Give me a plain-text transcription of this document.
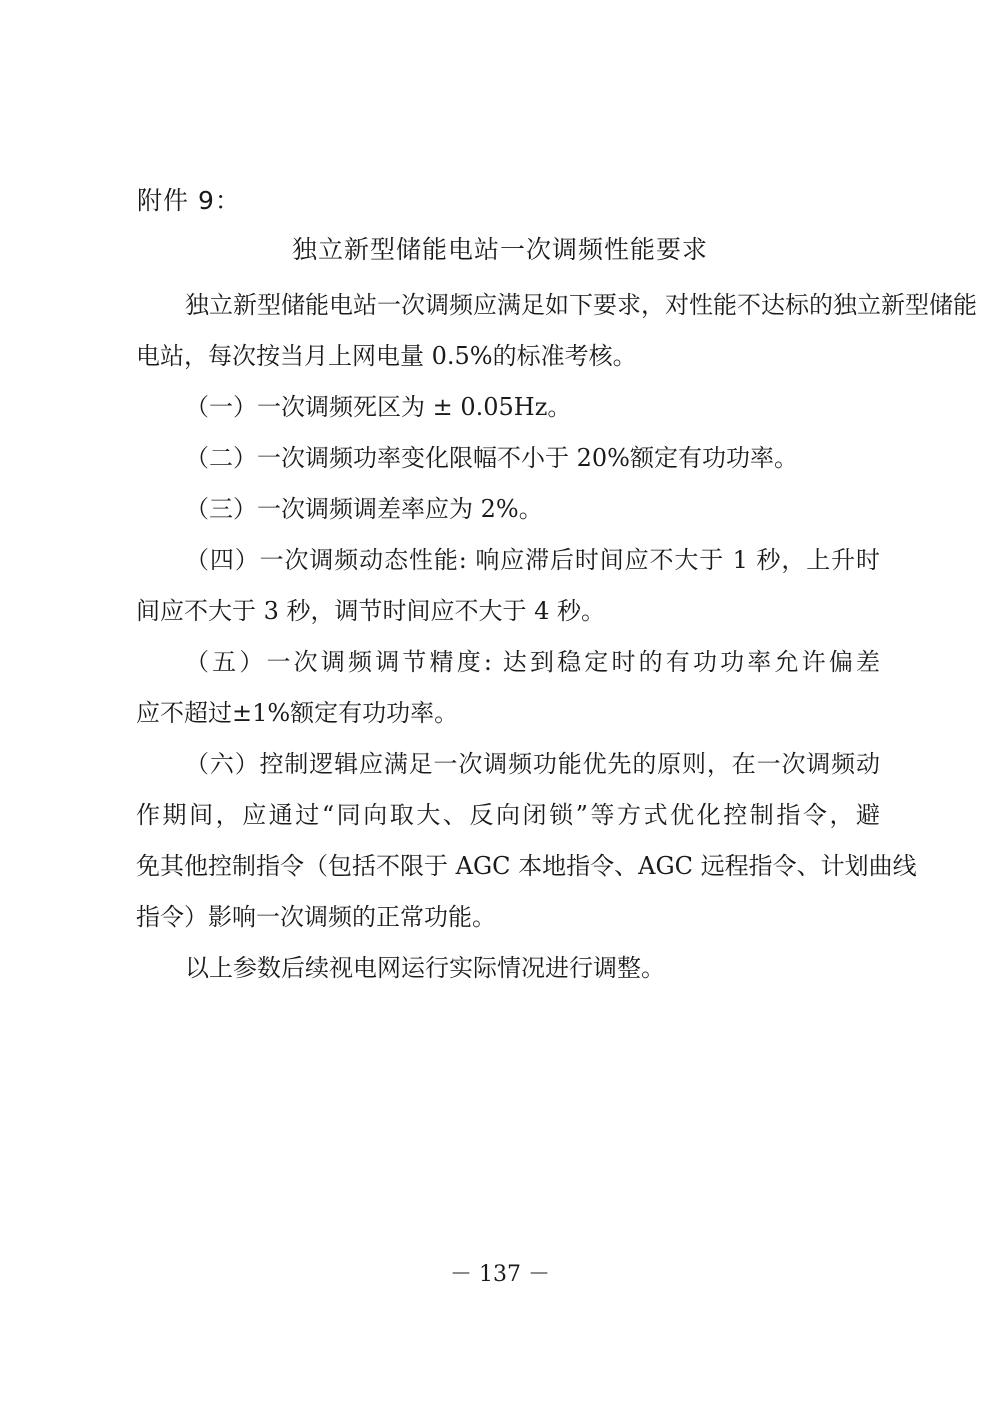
附件 9：
独立新型储能电站一次调频性能要求
独立新型储能电站一次调频应满足如下要求，对性能不达标的独立新型储能
电站，每次按当月上网电量 0.5%的标准考核。
（一）一次调频死区为 ± 0.05Hz。
（二）一次调频功率变化限幅不小于 20%额定有功功率。
（三）一次调频调差率应为 2%。
（四）一次调频动态性能: 响应滞后时间应不大于 1 秒，上升时
间应不大于 3 秒，调节时间应不大于 4 秒。
（五）一次调频调节精度: 达到稳定时的有功功率允许偏差
应不超过±1%额定有功功率。
（六）控制逻辑应满足一次调频功能优先的原则，在一次调频动
作期间，应通过“同向取大、反向闭锁”等方式优化控制指令，避
免其他控制指令（包括不限于 AGC 本地指令、AGC 远程指令、计划曲线
指令）影响一次调频的正常功能。
以上参数后续视电网运行实际情况进行调整。
－ 137 －
